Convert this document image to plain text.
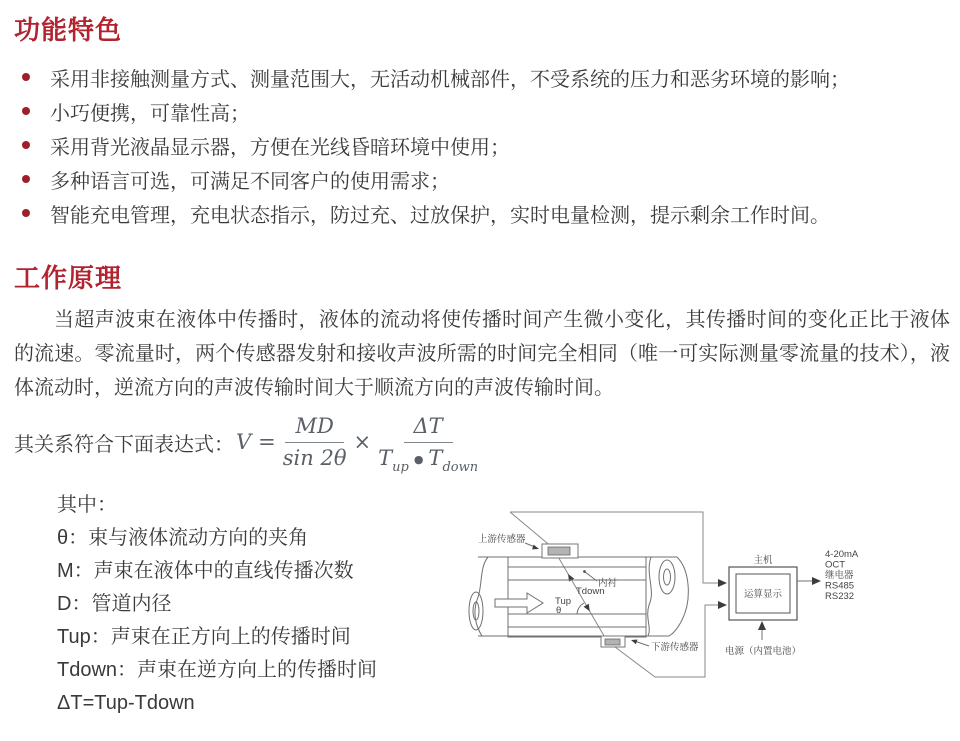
功能特色
采用非接触测量方式、测量范围大，无活动机械部件，不受系统的压力和恶劣环境的影响；
小巧便携，可靠性高；
采用背光液晶显示器，方便在光线昏暗环境中使用；
多种语言可选，可满足不同客户的使用需求；
智能充电管理，充电状态指示，防过充、过放保护，实时电量检测，提示剩余工作时间。
工作原理

当超声波束在液体中传播时，液体的流动将使传播时间产生微小变化，其传播时间的变化正比于液体的流速。零流量时，两个传感器发射和接收声波所需的时间完全相同（唯一可实际测量零流量的技术），液体流动时，逆流方向的声波传输时间大于顺流方向的声波传输时间。

其关系符合下面表达式： $V = \frac{MD}{\sin 2\theta} \times \frac{\Delta T}{\text{Tup● Tdown}}$
其中：
θ：束与液体流动方向的夹角
M：声束在液体中的直线传播次数
D：管道内径
Tup：声束在正方向上的传播时间
Tdown：声束在逆方向上的传播时间
ΔT=Tup-Tdown
上游传感器
下游传感器
内衬
Tdown
Tup
θ
主机
运算显示
4-20mA
OCT
继电器
RS485
RS232
电源（内置电池）
